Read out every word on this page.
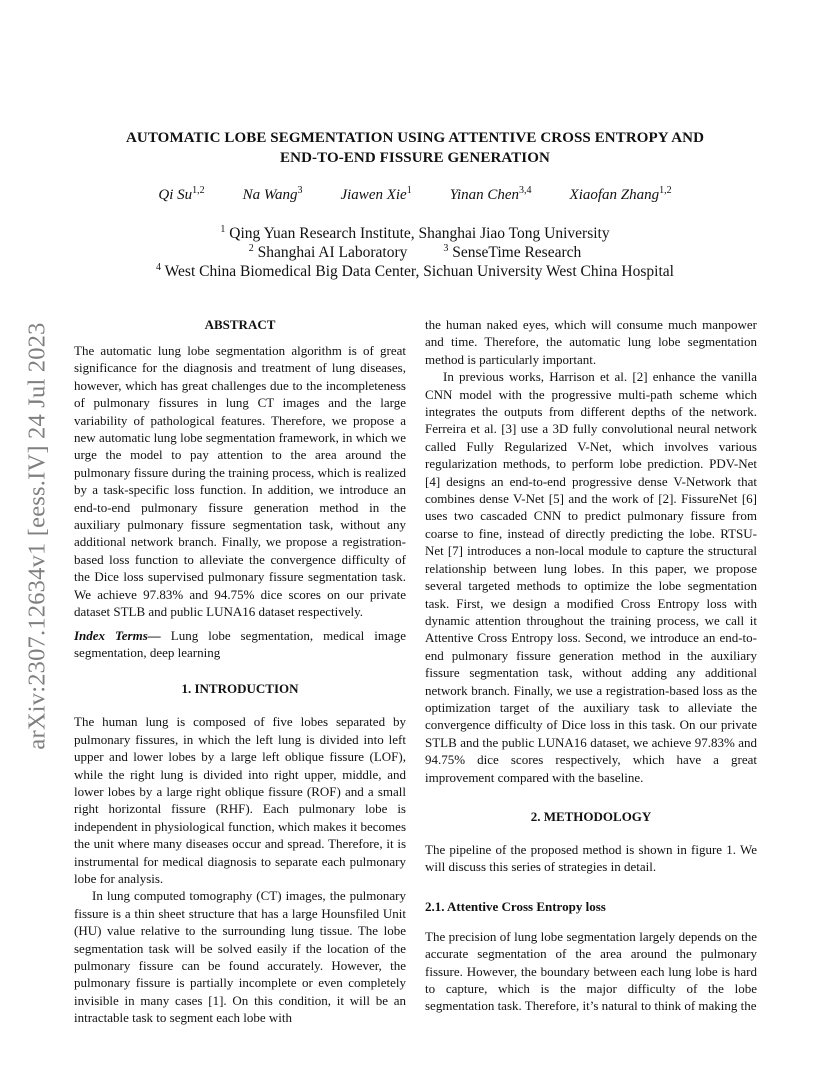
arXiv:2307.12634v1 [eess.IV] 24 Jul 2023
AUTOMATIC LOBE SEGMENTATION USING ATTENTIVE CROSS ENTROPY AND
END-TO-END FISSURE GENERATION
Qi Su$^{1,2}$	Na Wang$^3$	Jiawen Xie$^1$	Yinan Chen$^{3,4}$	Xiaofan Zhang$^{1,2}$
$^1$ Qing Yuan Research Institute, Shanghai Jiao Tong University
$^2$ Shanghai AI Laboratory	$^3$ SenseTime Research
$^4$ West China Biomedical Big Data Center, Sichuan University West China Hospital
ABSTRACT

The automatic lung lobe segmentation algorithm is of great significance for the diagnosis and treatment of lung diseases, however, which has great challenges due to the incompleteness of pulmonary fissures in lung CT images and the large variability of pathological features. Therefore, we propose a new automatic lung lobe segmentation framework, in which we urge the model to pay attention to the area around the pulmonary fissure during the training process, which is realized by a task-specific loss function. In addition, we introduce an end-to-end pulmonary fissure generation method in the auxiliary pulmonary fissure segmentation task, without any additional network branch. Finally, we propose a registration-based loss function to alleviate the convergence difficulty of the Dice loss supervised pulmonary fissure segmentation task. We achieve 97.83% and 94.75% dice scores on our private dataset STLB and public LUNA16 dataset respectively.

Index Terms— Lung lobe segmentation, medical image segmentation, deep learning

1. INTRODUCTION

The human lung is composed of five lobes separated by pulmonary fissures, in which the left lung is divided into left upper and lower lobes by a large left oblique fissure (LOF), while the right lung is divided into right upper, middle, and lower lobes by a large right oblique fissure (ROF) and a small right horizontal fissure (RHF). Each pulmonary lobe is independent in physiological function, which makes it becomes the unit where many diseases occur and spread. Therefore, it is instrumental for medical diagnosis to separate each pulmonary lobe for analysis.

In lung computed tomography (CT) images, the pulmonary fissure is a thin sheet structure that has a large Hounsfiled Unit (HU) value relative to the surrounding lung tissue. The lobe segmentation task will be solved easily if the location of the pulmonary fissure can be found accurately. However, the pulmonary fissure is partially incomplete or even completely invisible in many cases [1]. On this condition, it will be an intractable task to segment each lobe with

the human naked eyes, which will consume much manpower and time. Therefore, the automatic lung lobe segmentation method is particularly important.

In previous works, Harrison et al. [2] enhance the vanilla CNN model with the progressive multi-path scheme which integrates the outputs from different depths of the network. Ferreira et al. [3] use a 3D fully convolutional neural network called Fully Regularized V-Net, which involves various regularization methods, to perform lobe prediction. PDV-Net [4] designs an end-to-end progressive dense V-Network that combines dense V-Net [5] and the work of [2]. FissureNet [6] uses two cascaded CNN to predict pulmonary fissure from coarse to fine, instead of directly predicting the lobe. RTSU-Net [7] introduces a non-local module to capture the structural relationship between lung lobes. In this paper, we propose several targeted methods to optimize the lobe segmentation task. First, we design a modified Cross Entropy loss with dynamic attention throughout the training process, we call it Attentive Cross Entropy loss. Second, we introduce an end-to-end pulmonary fissure generation method in the auxiliary fissure segmentation task, without adding any additional network branch. Finally, we use a registration-based loss as the optimization target of the auxiliary task to alleviate the convergence difficulty of Dice loss in this task. On our private STLB and the public LUNA16 dataset, we achieve 97.83% and 94.75% dice scores respectively, which have a great improvement compared with the baseline.

2. METHODOLOGY

The pipeline of the proposed method is shown in figure 1. We will discuss this series of strategies in detail.

2.1. Attentive Cross Entropy loss

The precision of lung lobe segmentation largely depends on the accurate segmentation of the area around the pulmonary fissure. However, the boundary between each lung lobe is hard to capture, which is the major difficulty of the lobe segmentation task. Therefore, it’s natural to think of making the
